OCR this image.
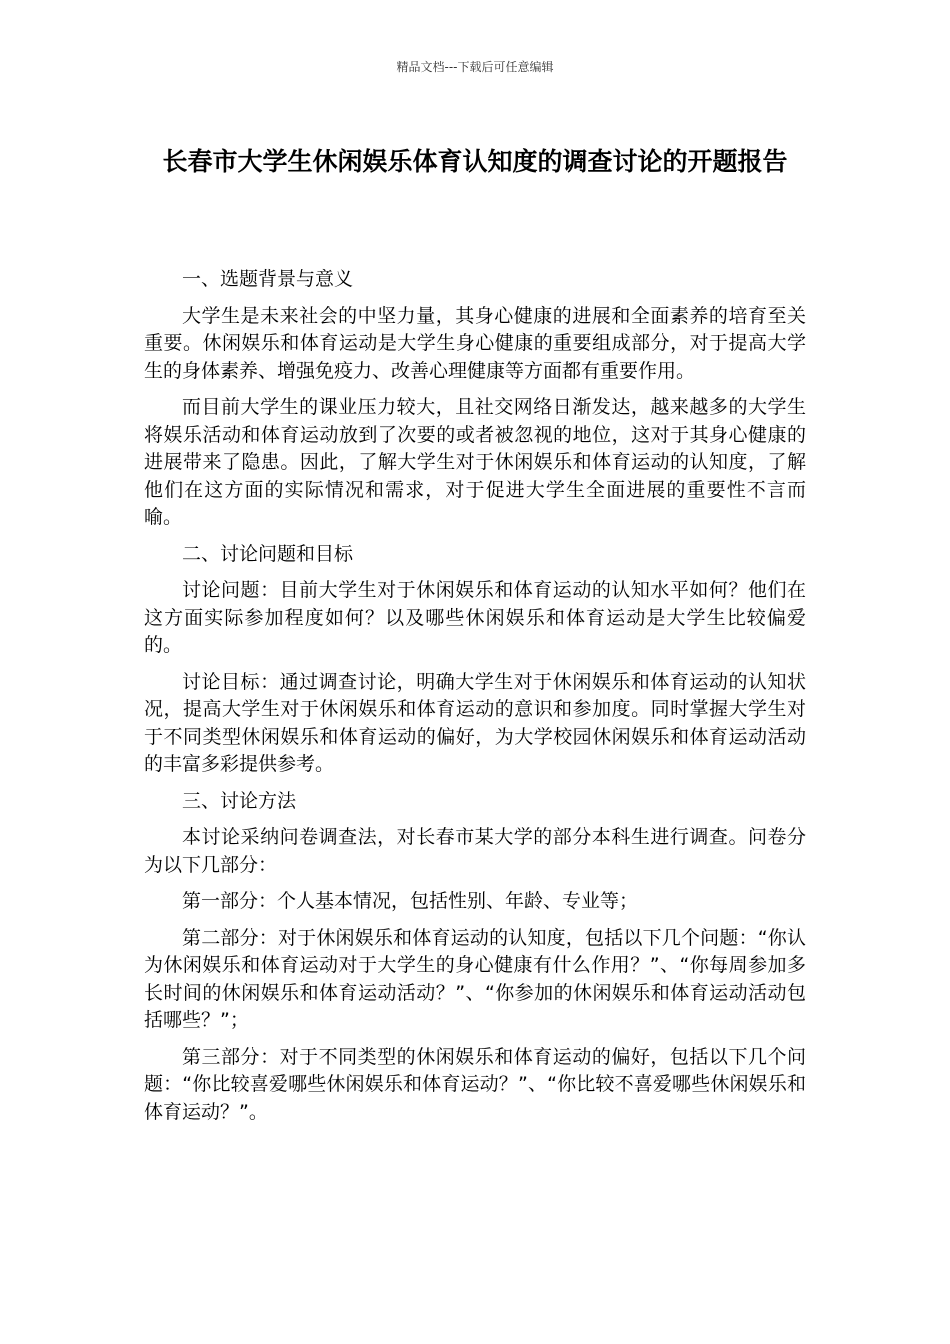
精品文档---下载后可任意编辑
长春市大学生休闲娱乐体育认知度的调查讨论的开题报告

一、选题背景与意义

大学生是未来社会的中坚力量，其身心健康的进展和全面素养的培育至关重要。休闲娱乐和体育运动是大学生身心健康的重要组成部分，对于提高大学生的身体素养、增强免疫力、改善心理健康等方面都有重要作用。

而目前大学生的课业压力较大，且社交网络日渐发达，越来越多的大学生将娱乐活动和体育运动放到了次要的或者被忽视的地位，这对于其身心健康的进展带来了隐患。因此，了解大学生对于休闲娱乐和体育运动的认知度，了解他们在这方面的实际情况和需求，对于促进大学生全面进展的重要性不言而喻。

二、讨论问题和目标

讨论问题：目前大学生对于休闲娱乐和体育运动的认知水平如何？他们在这方面实际参加程度如何？以及哪些休闲娱乐和体育运动是大学生比较偏爱的。

讨论目标：通过调查讨论，明确大学生对于休闲娱乐和体育运动的认知状况，提高大学生对于休闲娱乐和体育运动的意识和参加度。同时掌握大学生对于不同类型休闲娱乐和体育运动的偏好，为大学校园休闲娱乐和体育运动活动的丰富多彩提供参考。

三、讨论方法

本讨论采纳问卷调查法，对长春市某大学的部分本科生进行调查。问卷分为以下几部分：

第一部分：个人基本情况，包括性别、年龄、专业等；

第二部分：对于休闲娱乐和体育运动的认知度，包括以下几个问题：“你认为休闲娱乐和体育运动对于大学生的身心健康有什么作用？”、“你每周参加多长时间的休闲娱乐和体育运动活动？”、“你参加的休闲娱乐和体育运动活动包括哪些？”；

第三部分：对于不同类型的休闲娱乐和体育运动的偏好，包括以下几个问题：“你比较喜爱哪些休闲娱乐和体育运动？”、“你比较不喜爱哪些休闲娱乐和体育运动？”。
